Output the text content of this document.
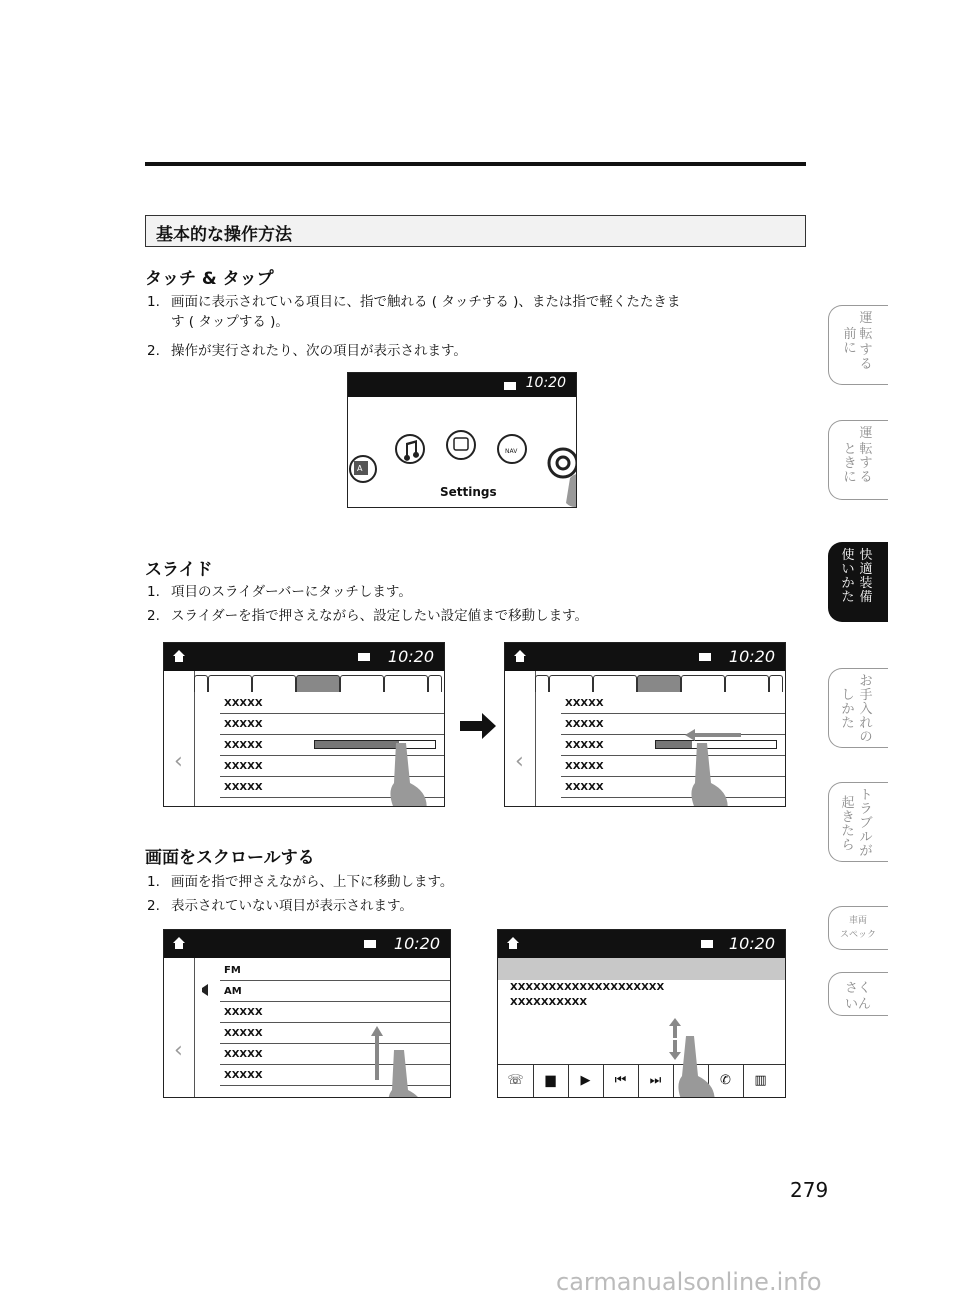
基本的な操作方法
タッチ & タップ
1. 画面に表示されている項目に、指で触れる ( タッチする )、または指で軽くたたきま
す ( タップする )。
2. 操作が実行されたり、次の項目が表示されます。
10:20
A
NAV
Settings
スライド
1. 項目のスライダーバーにタッチします。
2. スライダーを指で押さえながら、設定したい設定値まで移動します。
10:20
‹
XXXXX
XXXXX
XXXXX
XXXXX
XXXXX
10:20
‹
XXXXX
XXXXX
XXXXX
XXXXX
XXXXX
画面をスクロールする
1. 画面を指で押さえながら、上下に移動します。
2. 表示されていない項目が表示されます。
10:20
‹
FM
AM
XXXXX
XXXXX
XXXXX
XXXXX
10:20
XXXXXXXXXXXXXXXXXXXX
XXXXXXXXXX
☏	▆	▶	⏮	⏭	✆	▥
運
前に
転
する
運
ときに
転する
快適装備
使いかた
お手入れの
しかた
トラブルが
起きたら
車両
スペック
さく
いん
279
carmanualsonline.info
